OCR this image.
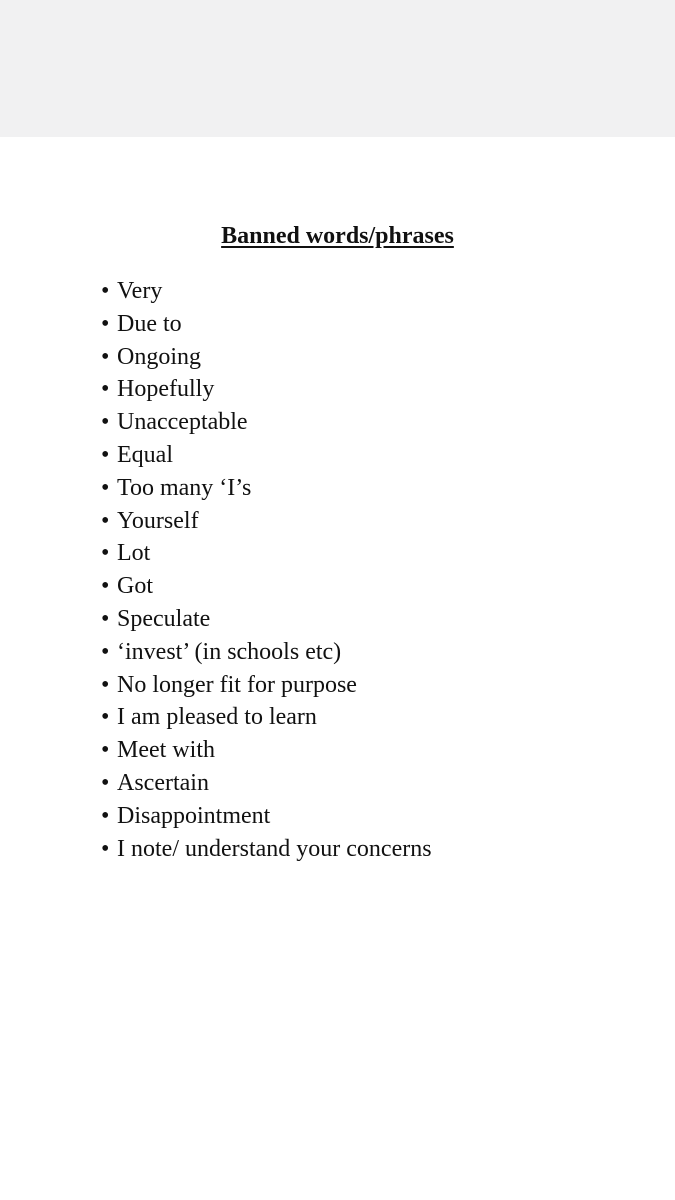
Banned words/phrases
• Very
• Due to
• Ongoing
• Hopefully
• Unacceptable
• Equal
• Too many ‘I’s
• Yourself
• Lot
• Got
• Speculate
• ‘invest’ (in schools etc)
• No longer fit for purpose
• I am pleased to learn
• Meet with
• Ascertain
• Disappointment
• I note/ understand your concerns
